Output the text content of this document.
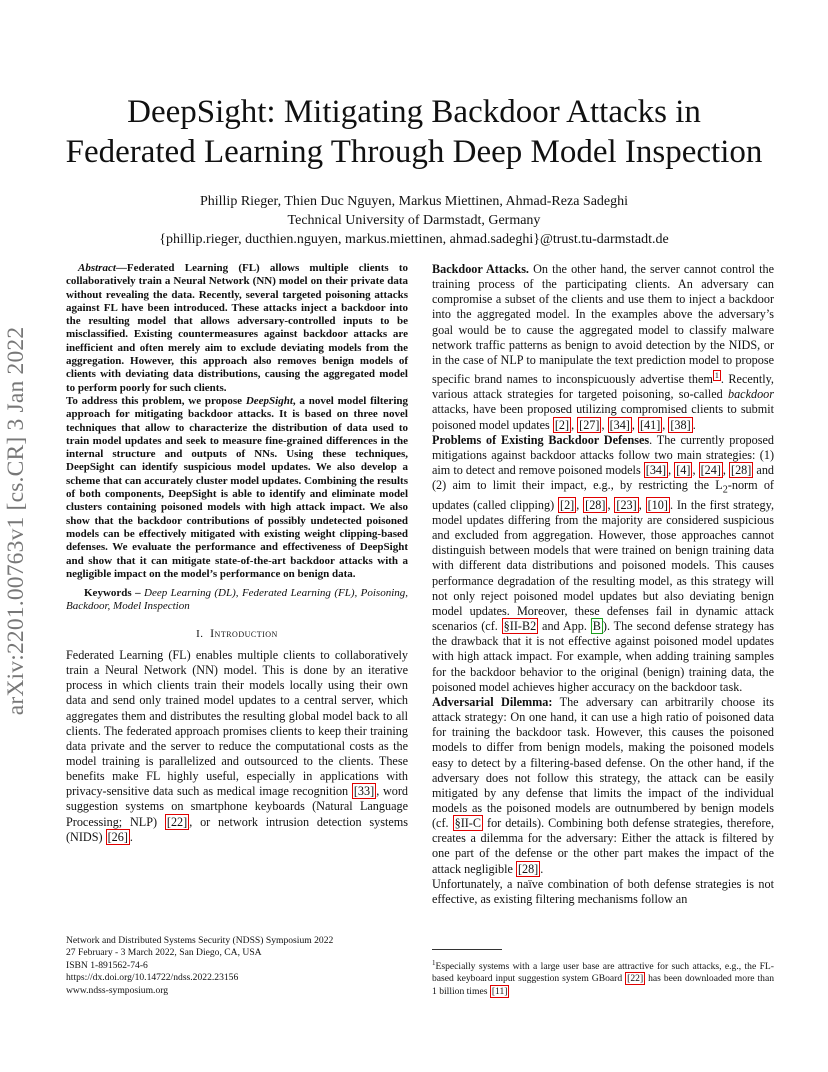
arXiv:2201.00763v1 [cs.CR] 3 Jan 2022
DeepSight: Mitigating Backdoor Attacks in
Federated Learning Through Deep Model Inspection
Phillip Rieger, Thien Duc Nguyen, Markus Miettinen, Ahmad-Reza Sadeghi
Technical University of Darmstadt, Germany
{phillip.rieger, ducthien.nguyen, markus.miettinen, ahmad.sadeghi}@trust.tu-darmstadt.de

Abstract—Federated Learning (FL) allows multiple clients to collaboratively train a Neural Network (NN) model on their private data without revealing the data. Recently, several targeted poisoning attacks against FL have been introduced. These attacks inject a backdoor into the resulting model that allows adversary-controlled inputs to be misclassified. Existing countermeasures against backdoor attacks are inefficient and often merely aim to exclude deviating models from the aggregation. However, this approach also removes benign models of clients with deviating data distributions, causing the aggregated model to perform poorly for such clients.

To address this problem, we propose DeepSight, a novel model filtering approach for mitigating backdoor attacks. It is based on three novel techniques that allow to characterize the distribution of data used to train model updates and seek to measure fine-grained differences in the internal structure and outputs of NNs. Using these techniques, DeepSight can identify suspicious model updates. We also develop a scheme that can accurately cluster model updates. Combining the results of both components, DeepSight is able to identify and eliminate model clusters containing poisoned models with high attack impact. We also show that the backdoor contributions of possibly undetected poisoned models can be effectively mitigated with existing weight clipping-based defenses. We evaluate the performance and effectiveness of DeepSight and show that it can mitigate state-of-the-art backdoor attacks with a negligible impact on the model’s performance on benign data.

Keywords – Deep Learning (DL), Federated Learning (FL), Poisoning, Backdoor, Model Inspection
I. Introduction

Federated Learning (FL) enables multiple clients to collaboratively train a Neural Network (NN) model. This is done by an iterative process in which clients train their models locally using their own data and send only trained model updates to a central server, which aggregates them and distributes the resulting global model back to all clients. The federated approach promises clients to keep their training data private and the server to reduce the computational costs as the model training is parallelized and outsourced to the clients. These benefits make FL highly useful, especially in applications with privacy-sensitive data such as medical image recognition [33] , word suggestion systems on smartphone keyboards (Natural Language Processing; NLP) [22] , or network intrusion detection systems (NIDS) [26] .

Backdoor Attacks. On the other hand, the server cannot control the training process of the participating clients. An adversary can compromise a subset of the clients and use them to inject a backdoor into the aggregated model. In the examples above the adversary’s goal would be to cause the aggregated model to classify malware network traffic patterns as benign to avoid detection by the NIDS, or in the case of NLP to manipulate the text prediction model to propose specific brand names to inconspicuously advertise them $^1$ . Recently, various attack strategies for targeted poisoning, so-called backdoor attacks, have been proposed utilizing compromised clients to submit poisoned model updates [2] , [27] , [34] , [41] , [38] .

Problems of Existing Backdoor Defenses. The currently proposed mitigations against backdoor attacks follow two main strategies: (1) aim to detect and remove poisoned models [34] , [4] , [24] , [28] and (2) aim to limit their impact, e.g., by restricting the $L_2$-norm of updates (called clipping) [2] , [28] , [23] , [10] . In the first strategy, model updates differing from the majority are considered suspicious and excluded from aggregation. However, those approaches cannot distinguish between models that were trained on benign training data with different data distributions and poisoned models. This causes performance degradation of the resulting model, as this strategy will not only reject poisoned model updates but also deviating benign model updates. Moreover, these defenses fail in dynamic attack scenarios (cf. §II-B2 and App. B ). The second defense strategy has the drawback that it is not effective against poisoned model updates with high attack impact. For example, when adding training samples for the backdoor behavior to the original (benign) training data, the poisoned model achieves higher accuracy on the backdoor task.

Adversarial Dilemma: The adversary can arbitrarily choose its attack strategy: On one hand, it can use a high ratio of poisoned data for training the backdoor task. However, this causes the poisoned models to differ from benign models, making the poisoned models easy to detect by a filtering-based defense. On the other hand, if the adversary does not follow this strategy, the attack can be easily mitigated by any defense that limits the impact of the individual models as the poisoned models are outnumbered by benign models (cf. §II-C for details). Combining both defense strategies, therefore, creates a dilemma for the adversary: Either the attack is filtered by one part of the defense or the other part makes the impact of the attack negligible [28] .

Unfortunately, a naïve combination of both defense strategies is not effective, as existing filtering mechanisms follow an

Network and Distributed Systems Security (NDSS) Symposium 2022
27 February - 3 March 2022, San Diego, CA, USA
ISBN 1-891562-74-6
https://dx.doi.org/10.14722/ndss.2022.23156
www.ndss-symposium.org
$^1$Especially systems with a large user base are attractive for such attacks, e.g., the FL-based keyboard input suggestion system GBoard [22] has been downloaded more than 1 billion times [11]
